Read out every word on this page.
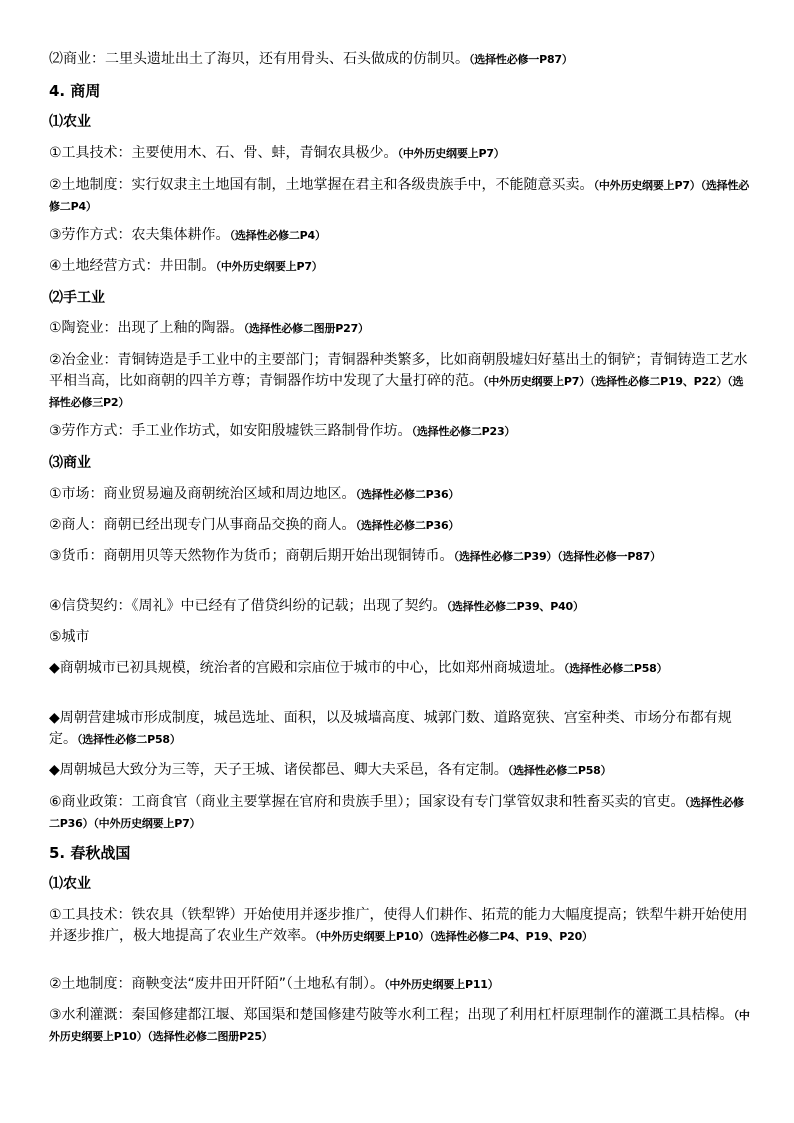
⑵商业：二里头遗址出土了海贝，还有用骨头、石头做成的仿制贝。（选择性必修一P87）
4. 商周
⑴农业
①工具技术：主要使用木、石、骨、蚌，青铜农具极少。（中外历史纲要上P7）
②土地制度：实行奴隶主土地国有制，土地掌握在君主和各级贵族手中，不能随意买卖。（中外历史纲要上P7）（选择性必修二P4）
③劳作方式：农夫集体耕作。（选择性必修二P4）
④土地经营方式：井田制。（中外历史纲要上P7）
⑵手工业
①陶瓷业：出现了上釉的陶器。（选择性必修二图册P27）
②冶金业：青铜铸造是手工业中的主要部门；青铜器种类繁多，比如商朝殷墟妇好墓出土的铜铲；青铜铸造工艺水平相当高，比如商朝的四羊方尊；青铜器作坊中发现了大量打碎的范。（中外历史纲要上P7）（选择性必修二P19、P22）（选择性必修三P2）
③劳作方式：手工业作坊式，如安阳殷墟铁三路制骨作坊。（选择性必修二P23）
⑶商业
①市场：商业贸易遍及商朝统治区域和周边地区。（选择性必修二P36）
②商人：商朝已经出现专门从事商品交换的商人。（选择性必修二P36）
③货币：商朝用贝等天然物作为货币；商朝后期开始出现铜铸币。（选择性必修二P39）（选择性必修一P87）
④信贷契约：《周礼》中已经有了借贷纠纷的记载；出现了契约。（选择性必修二P39、P40）
⑤城市
◆商朝城市已初具规模，统治者的宫殿和宗庙位于城市的中心，比如郑州商城遗址。（选择性必修二P58）
◆周朝营建城市形成制度，城邑选址、面积，以及城墙高度、城郭门数、道路宽狭、宫室种类、市场分布都有规定。（选择性必修二P58）
◆周朝城邑大致分为三等，天子王城、诸侯都邑、卿大夫采邑，各有定制。（选择性必修二P58）
⑥商业政策：工商食官（商业主要掌握在官府和贵族手里）；国家设有专门掌管奴隶和牲畜买卖的官吏。（选择性必修二P36）（中外历史纲要上P7）
5. 春秋战国
⑴农业
①工具技术：铁农具（铁犁铧）开始使用并逐步推广，使得人们耕作、拓荒的能力大幅度提高；铁犁牛耕开始使用并逐步推广，极大地提高了农业生产效率。（中外历史纲要上P10）（选择性必修二P4、P19、P20）
②土地制度：商鞅变法“废井田开阡陌”（土地私有制）。（中外历史纲要上P11）
③水利灌溉：秦国修建都江堰、郑国渠和楚国修建芍陂等水利工程；出现了利用杠杆原理制作的灌溉工具桔槔。（中外历史纲要上P10）（选择性必修二图册P25）
